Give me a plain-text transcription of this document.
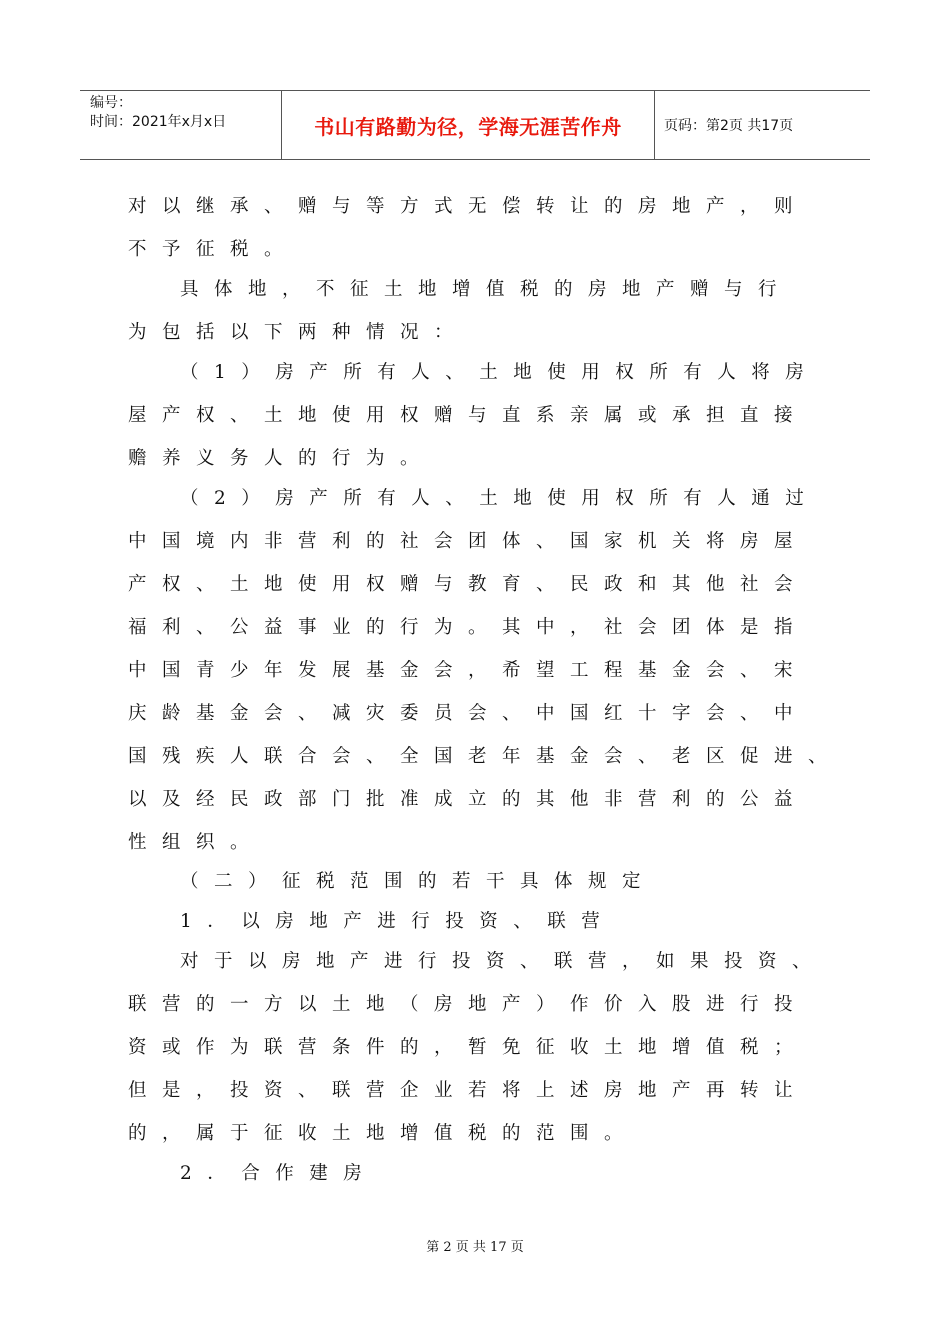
编号：
时间：2021年x月x日	书山有路勤为径，学海无涯苦作舟	页码：第2页 共17页
对以继承、赠与等方式无偿转让的房地产，则
不予征税。
具体地，不征土地增值税的房地产赠与行
为包括以下两种情况：
（1）房产所有人、土地使用权所有人将房
屋产权、土地使用权赠与直系亲属或承担直接
赡养义务人的行为。
（2）房产所有人、土地使用权所有人通过
中国境内非营利的社会团体、国家机关将房屋
产权、土地使用权赠与教育、民政和其他社会
福利、公益事业的行为。其中，社会团体是指
中国青少年发展基金会，希望工程基金会、宋
庆龄基金会、减灾委员会、中国红十字会、中
国残疾人联合会、全国老年基金会、老区促进、
以及经民政部门批准成立的其他非营利的公益
性组织。
（二）征税范围的若干具体规定
1．以房地产进行投资、联营
对于以房地产进行投资、联营，如果投资、
联营的一方以土地（房地产）作价入股进行投
资或作为联营条件的，暂免征收土地增值税；
但是，投资、联营企业若将上述房地产再转让
的，属于征收土地增值税的范围。
2．合作建房
第 2 页 共 17 页
